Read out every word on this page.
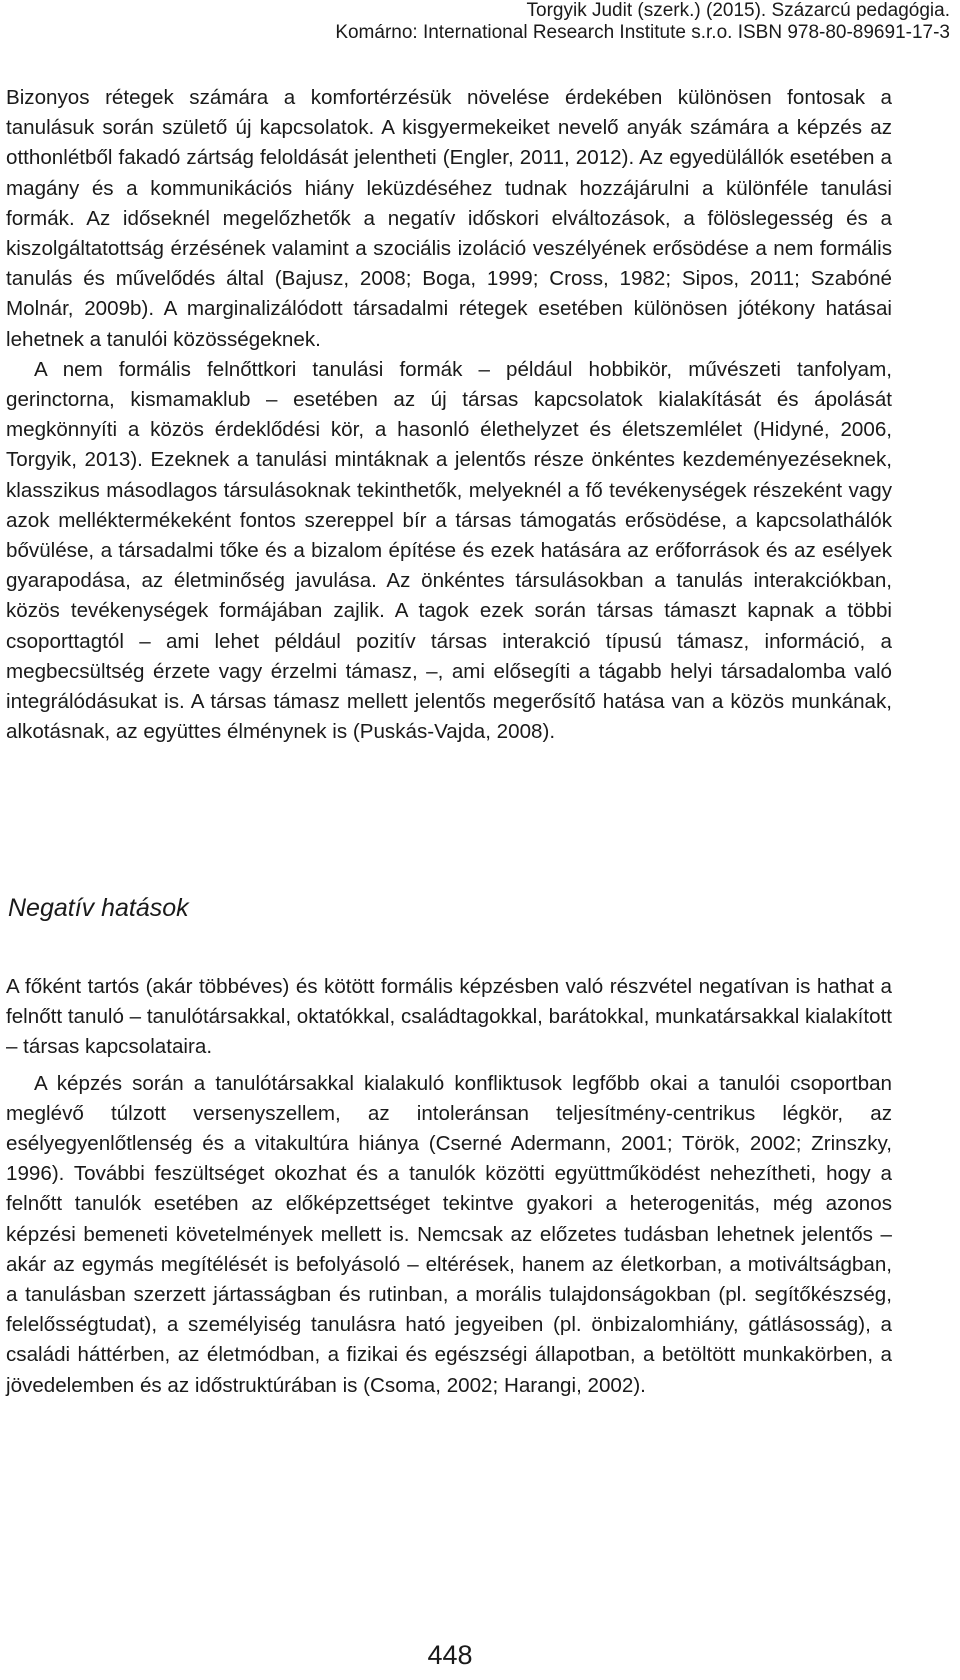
Torgyik Judit (szerk.) (2015). Százarcú pedagógia.
Komárno: International Research Institute s.r.o. ISBN 978-80-89691-17-3

Bizonyos rétegek számára a komfortérzésük növelése érdekében különösen fontosak a tanulásuk során születő új kapcsolatok. A kisgyermekeiket nevelő anyák számára a képzés az otthonlétből fakadó zártság feloldását jelentheti (Engler, 2011, 2012). Az egyedülállók esetében a magány és a kommunikációs hiány leküzdéséhez tudnak hozzájárulni a különféle tanulási formák. Az időseknél megelőzhetők a negatív időskori elváltozások, a fölöslegesség és a kiszolgáltatottság érzésének valamint a szociális izoláció veszélyének erősödése a nem formális tanulás és művelődés által (Bajusz, 2008; Boga, 1999; Cross, 1982; Sipos, 2011; Szabóné Molnár, 2009b). A marginalizálódott társadalmi rétegek esetében különösen jótékony hatásai lehetnek a tanulói közösségeknek.

A nem formális felnőttkori tanulási formák – például hobbikör, művészeti tanfolyam, gerinctorna, kismamaklub – esetében az új társas kapcsolatok kialakítását és ápolását megkönnyíti a közös érdeklődési kör, a hasonló élethelyzet és életszemlélet (Hidyné, 2006, Torgyik, 2013). Ezeknek a tanulási mintáknak a jelentős része önkéntes kezdeményezéseknek, klasszikus másodlagos társulásoknak tekinthetők, melyeknél a fő tevékenységek részeként vagy azok melléktermékeként fontos szereppel bír a társas támogatás erősödése, a kapcsolathálók bővülése, a társadalmi tőke és a bizalom építése és ezek hatására az erőforrások és az esélyek gyarapodása, az életminőség javulása. Az önkéntes társulásokban a tanulás interakciókban, közös tevékenységek formájában zajlik. A tagok ezek során társas támaszt kapnak a többi csoporttagtól – ami lehet például pozitív társas interakció típusú támasz, információ, a megbecsültség érzete vagy érzelmi támasz, –, ami elősegíti a tágabb helyi társadalomba való integrálódásukat is. A társas támasz mellett jelentős megerősítő hatása van a közös munkának, alkotásnak, az együttes élménynek is (Puskás-Vajda, 2008).

Negatív hatások

A főként tartós (akár többéves) és kötött formális képzésben való részvétel negatívan is hathat a felnőtt tanuló – tanulótársakkal, oktatókkal, családtagokkal, barátokkal, munkatársakkal kialakított – társas kapcsolataira.

A képzés során a tanulótársakkal kialakuló konfliktusok legfőbb okai a tanulói csoportban meglévő túlzott versenyszellem, az intoleránsan teljesítmény-centrikus légkör, az esélyegyenlőtlenség és a vitakultúra hiánya (Cserné Adermann, 2001; Török, 2002; Zrinszky, 1996). További feszültséget okozhat és a tanulók közötti együttműködést nehezítheti, hogy a felnőtt tanulók esetében az előképzettséget tekintve gyakori a heterogenitás, még azonos képzési bemeneti követelmények mellett is. Nemcsak az előzetes tudásban lehetnek jelentős – akár az egymás megítélését is befolyásoló – eltérések, hanem az életkorban, a motiváltságban, a tanulásban szerzett jártasságban és rutinban, a morális tulajdonságokban (pl. segítőkészség, felelősségtudat), a személyiség tanulásra ható jegyeiben (pl. önbizalomhiány, gátlásosság), a családi háttérben, az életmódban, a fizikai és egészségi állapotban, a betöltött munkakörben, a jövedelemben és az időstruktúrában is (Csoma, 2002; Harangi, 2002).

448
